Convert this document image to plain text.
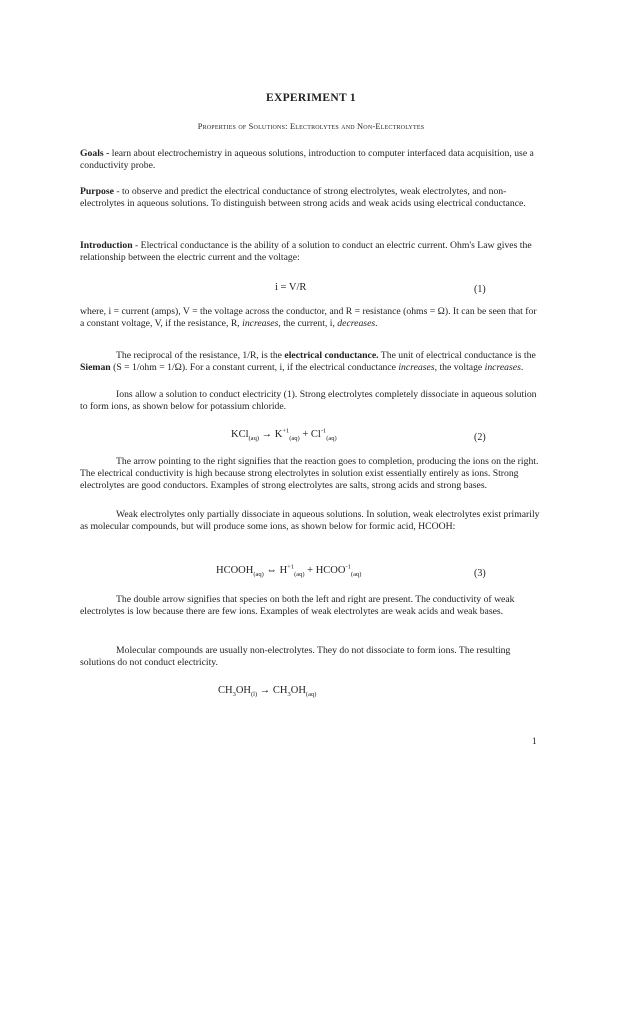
EXPERIMENT 1
Properties of Solutions: Electrolytes and Non-Electrolytes

Goals - learn about electrochemistry in aqueous solutions, introduction to computer interfaced data acquisition, use a conductivity probe.

Purpose - to observe and predict the electrical conductance of strong electrolytes, weak electrolytes, and non-electrolytes in aqueous solutions. To distinguish between strong acids and weak acids using electrical conductance.

Introduction - Electrical conductance is the ability of a solution to conduct an electric current. Ohm's Law gives the relationship between the electric current and the voltage:

i = V/R	(1)

where, i = current (amps), V = the voltage across the conductor, and R = resistance (ohms = Ω). It can be seen that for a constant voltage, V, if the resistance, R, increases, the current, i, decreases.

The reciprocal of the resistance, 1/R, is the electrical conductance. The unit of electrical conductance is the Sieman (S = 1/ohm = 1/Ω). For a constant current, i, if the electrical conductance increases, the voltage increases.

Ions allow a solution to conduct electricity (1). Strong electrolytes completely dissociate in aqueous solution to form ions, as shown below for potassium chloride.

$KCl_{(aq)} \to K^{+1}_{(aq)} + Cl^{-1}_{(aq)}$	(2)

The arrow pointing to the right signifies that the reaction goes to completion, producing the ions on the right. The electrical conductivity is high because strong electrolytes in solution exist essentially entirely as ions. Strong electrolytes are good conductors. Examples of strong electrolytes are salts, strong acids and strong bases.

Weak electrolytes only partially dissociate in aqueous solutions. In solution, weak electrolytes exist primarily as molecular compounds, but will produce some ions, as shown below for formic acid, HCOOH:

$HCOOH_{(aq)}$ ⇔ $H^{+1}_{(aq)}$ + $HCOO^{-1}_{(aq)}$	(3)

The double arrow signifies that species on both the left and right are present. The conductivity of weak electrolytes is low because there are few ions. Examples of weak electrolytes are weak acids and weak bases.

Molecular compounds are usually non-electrolytes. They do not dissociate to form ions. The resulting solutions do not conduct electricity.

$CH_3OH_{(l)} \to CH_3OH_{(aq)}$
1
